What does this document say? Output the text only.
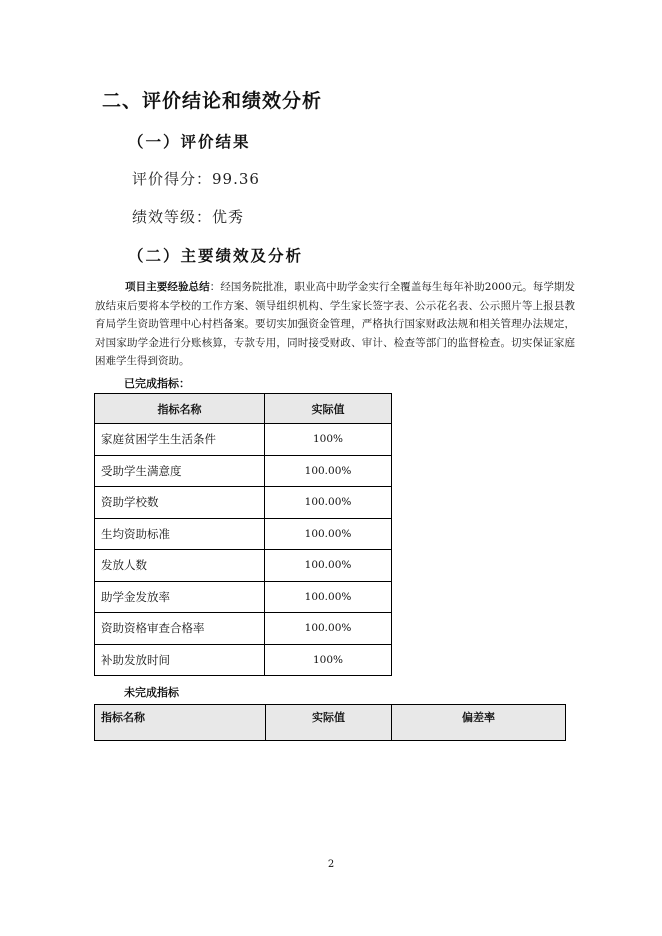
二、评价结论和绩效分析
（一）评价结果
评价得分：99.36
绩效等级：优秀
（二）主要绩效及分析
项目主要经验总结：经国务院批准，职业高中助学金实行全覆盖每生每年补助2000元。每学期发放结束后要将本学校的工作方案、领导组织机构、学生家长签字表、公示花名表、公示照片等上报县教育局学生资助管理中心村档备案。要切实加强资金管理，严格执行国家财政法规和相关管理办法规定，对国家助学金进行分账核算，专款专用，同时接受财政、审计、检查等部门的监督检查。切实保证家庭困难学生得到资助。
已完成指标：
指标名称	实际值
家庭贫困学生生活条件	100%
受助学生满意度	100.00%
资助学校数	100.00%
生均资助标准	100.00%
发放人数	100.00%
助学金发放率	100.00%
资助资格审查合格率	100.00%
补助发放时间	100%
未完成指标
指标名称	实际值	偏差率
2
